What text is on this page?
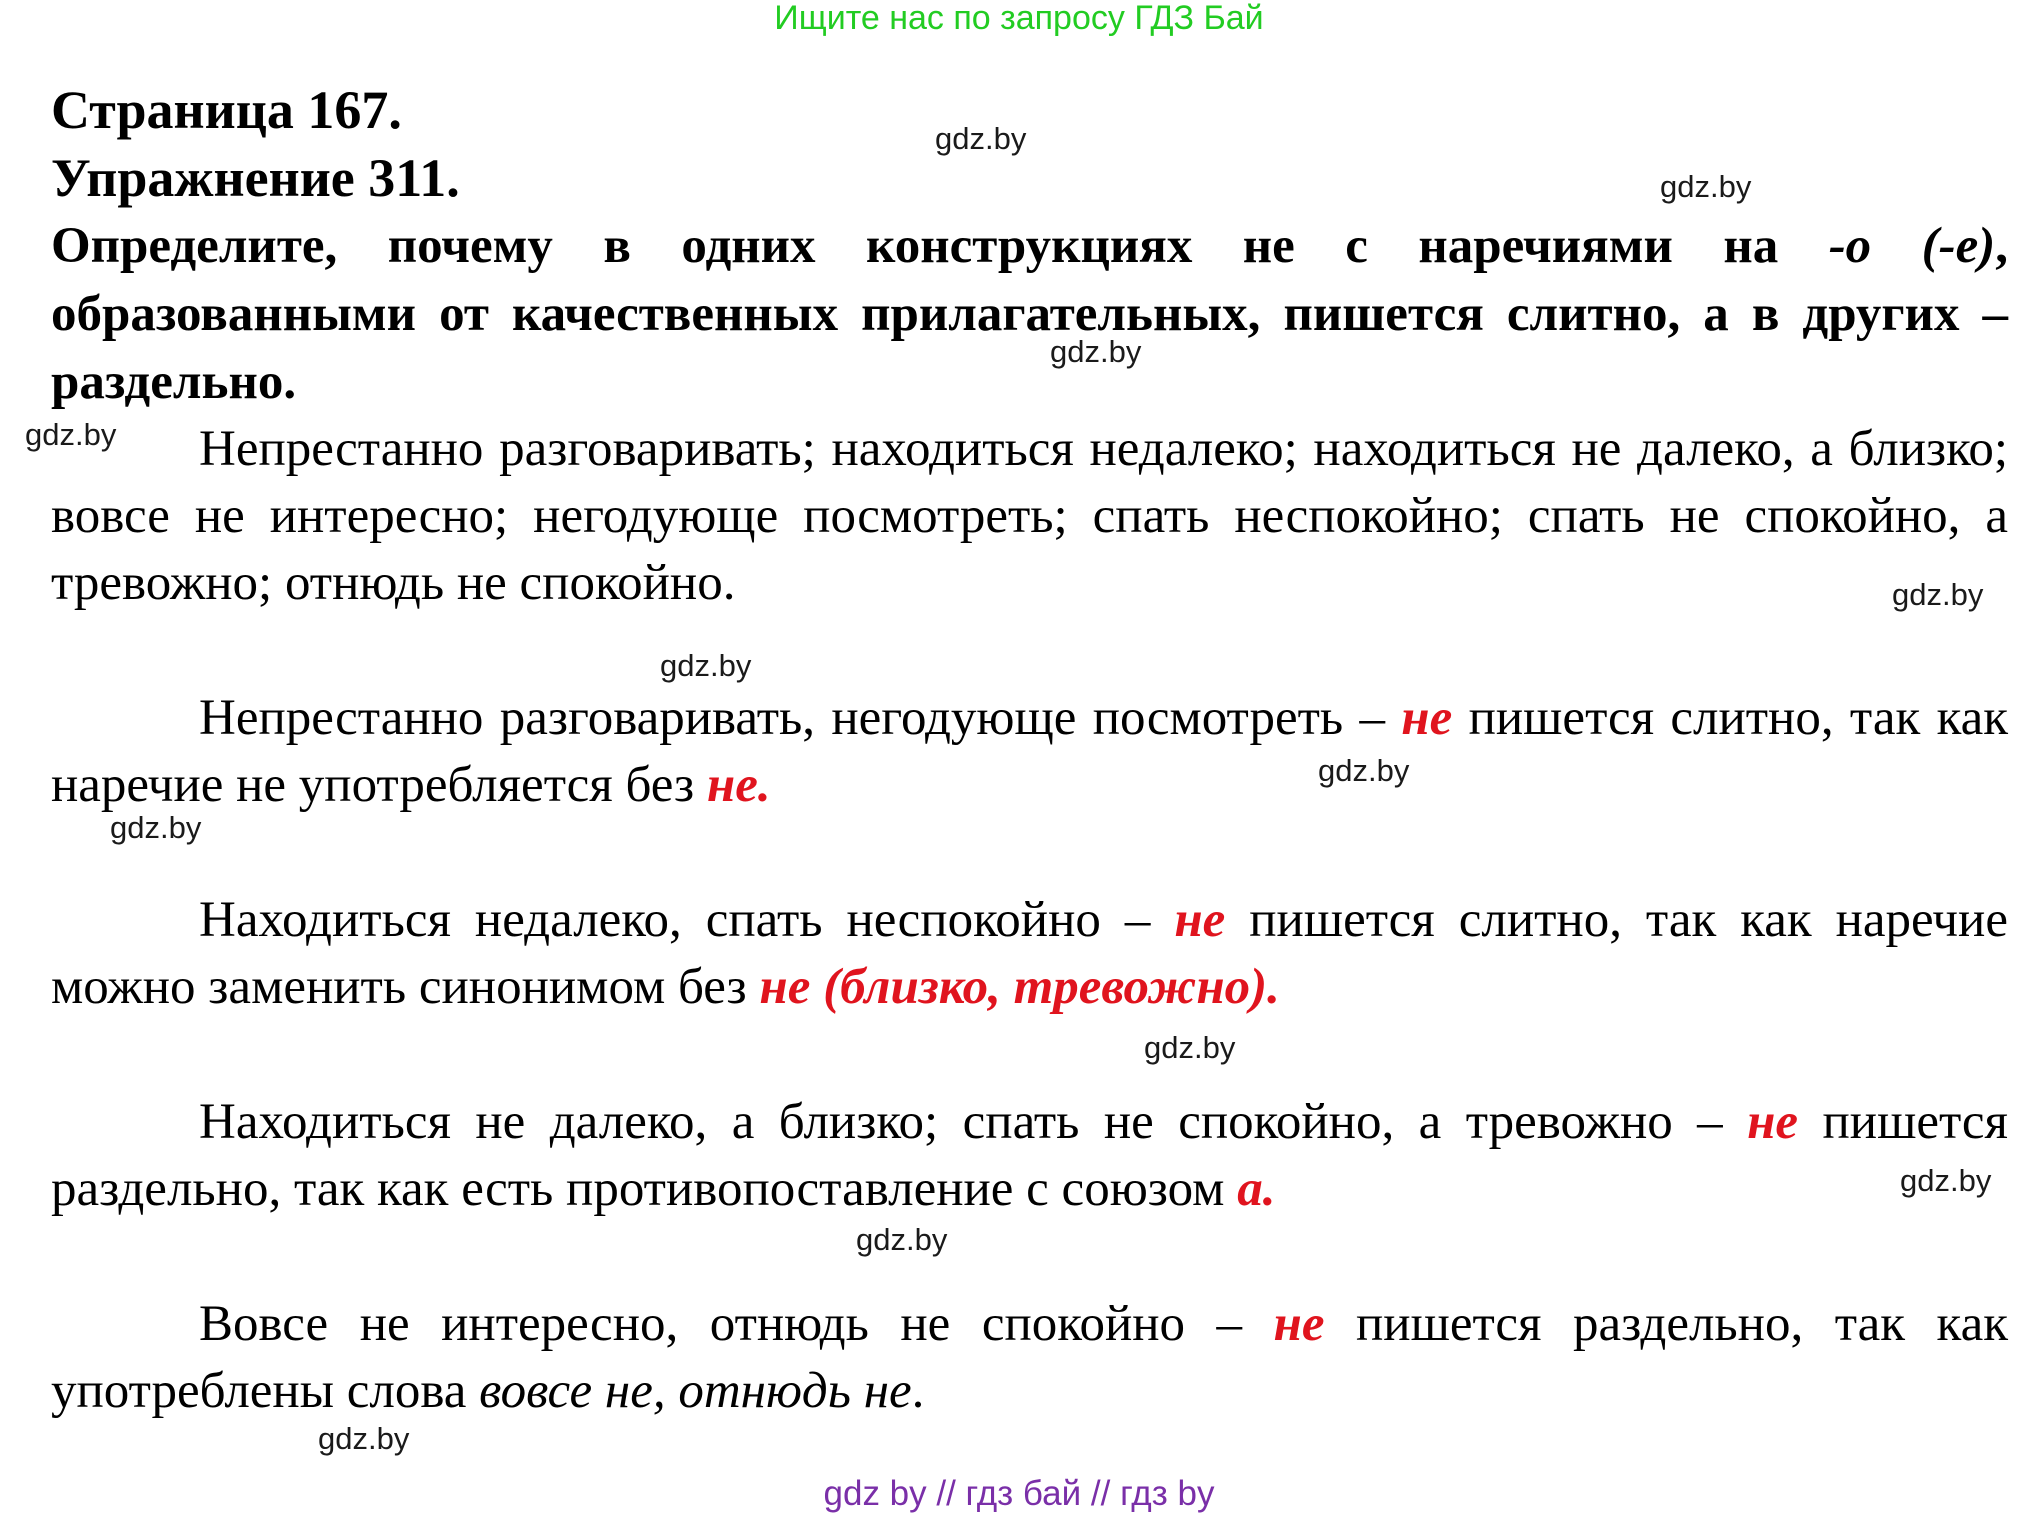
Ищите нас по запросу ГДЗ Бай

Страница 167.

Упражнение 311.

Определите, почему в одних конструкциях не с наречиями на -о (-е), образованными от качественных прилагательных, пишется слитно, а в других – раздельно.

Непрестанно разговаривать; находиться недалеко; находиться не далеко, а близко; вовсе не интересно; негодующе посмотреть; спать неспокойно; спать не спокойно, а тревожно; отнюдь не спокойно.

Непрестанно разговаривать, негодующе посмотреть – не пишется слитно, так как наречие не употребляется без не.

Находиться недалеко, спать неспокойно – не пишется слитно, так как наречие можно заменить синонимом без не (близко, тревожно).

Находиться не далеко, а близко; спать не спокойно, а тревожно – не пишется раздельно, так как есть противопоставление с союзом а.

Вовсе не интересно, отнюдь не спокойно – не пишется раздельно, так как употреблены слова вовсе не, отнюдь не.

gdz.by
gdz.by
gdz.by
gdz.by
gdz.by
gdz.by
gdz.by
gdz.by
gdz.by
gdz.by
gdz.by
gdz.by
gdz by // гдз бай // гдз by
